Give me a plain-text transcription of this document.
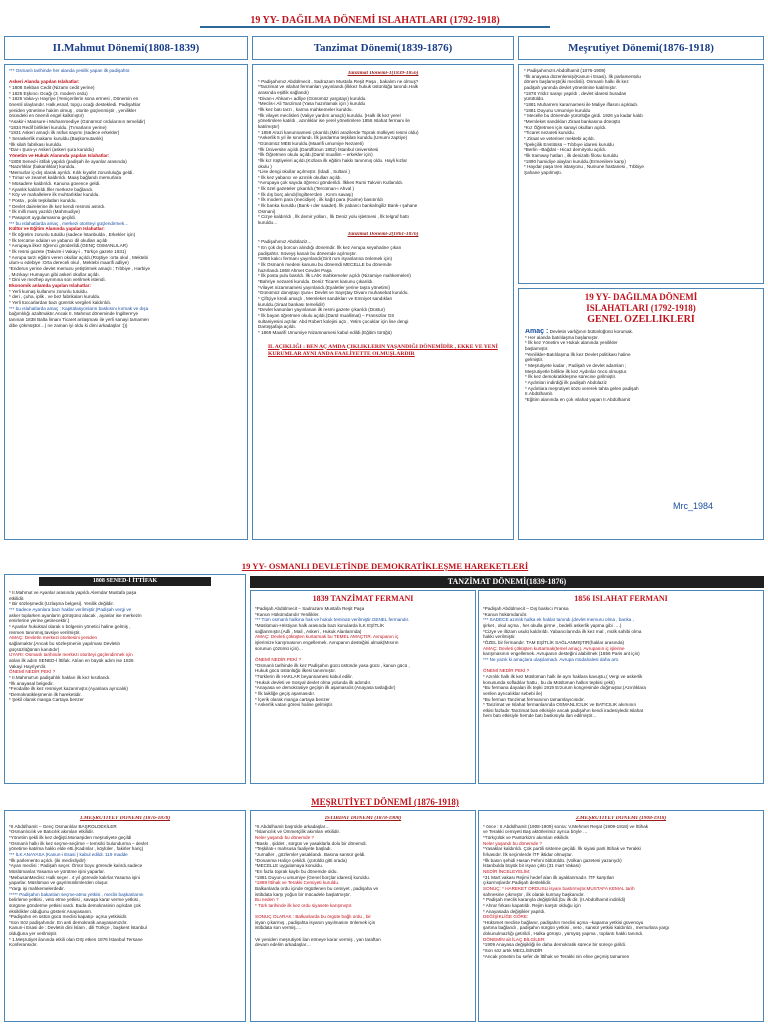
19 YY- DAĞILMA DÖNEMİ ISLAHATLARI (1792-1918)
II.Mahmut Dönemi(1808-1839)	Tanzimat Dönemi(1839-1876)	Meşrutiyet Dönemi(1876-1918)

*** Osmanlı tarihinde her alanda yenilik yapan ilk padişahtır.

Askeri Alanda yapılan Islahatlar:

* 1808 Sekban Cedit (Nizamı cedit yerine)

* 1825 Eşkıncı Ocağı (3. modern ordu)

* 1826 Vaka-yı Hayriye (Yeniçerilerin sona ermesi , Dönemin en

önemli olaylarıdır. Halk,esnaf, topçu ocağı destekledi. Padişahlar

yeniden yönetime hakim olmuş , otorite güçlenmiştir , yenilikler

önündeki en önemli engel kalkmıştır)

*Asakir-i Mansure-i Muhammediye (Günümüz ordularının temelidir)

*1834 Redif birlikleri kuruldu. (Tımarların yerine)

*1831 Askeri amaçlı ilk nüfus sayımı (sadece erkekler)

* Seraskerlik makamı kuruldu.(Başkomutanlık)

*İlk silah fabrikası kuruldu.

*Dar-ı Şura-yı Askeri (askeri şura kuruldu)

Yönetim ve Hukuk Alanında yapılan Islahatlar:

*1808 Sened-i ittifak yapıldı (padişah ile ayanlar arasında)

*Nazırlıklar (bakanlıklar) kuruldu.

*Memurlar iç-dış olarak ayrıldı. Kılık kıyafet zorunluluğu geldi.

* Tımar ve zeamet kaldırıldı. Maaş bağlandı memurlara

* Müsadere kaldırıldı. Kanuna güvence geldi.

* Ayanlık kaldırıldı.İller merkeze bağlandı.

* Köy ve mahallelere ilk muhtarlıklar kuruldu.

* Posta , polis teşkilatları kuruldu.

* Devlet dairelerine ilk kez kendi resmini astırdı.

* İlk milli marş yazıldı (Mahmudiye)

* Pasaport uygulamasına geçildi.

*** bu ıslahatlarda amaç , merkezi otoriteyi güçlendirmek…

Kültür ve Eğitim Alanında yapılan Islahatlar:

* İlk öğretim zorunlu tutuldu (sadece İstanbulda , Erkekler için)

* İlk tercüme odaları ve yabancı dil okulları açıldı

* Avrupaya ilkez öğrenci gönderildi.(GENÇ OSMANLILAR)

* İlk resmi gazete (Takvim-i Vakay-i , Türkçe gazete 1831)

* Avrupa tarzı eğitim veren okullar açıldı.(Rüştiye :orta okul , Mektebi

ulum-u edebiye :Orta dereceli okul , Mektebi maarifi adliye)

*Enderun yerine devlet memuru yetiştirmek amaçlı ; Tıbbiye , Harbiye

, Mızıkayı Humayun gibi askeri okullar açıldı.

* Dini ve mezhep ayrımına son verilmek istendi.

Ekonomik anlamda yapılan Islahatlar:

* Yerli kumaş kullanımı zorunlu tutuldu.

* deri , çuha, iplik , ve bez fabrikaları kuruldu.

* Yerli tüccarlardan bazı gümrük vergileri kaldırıldı.

*** bu ıslahatlarda amaç : Kapitülasyonların baskısını kırmak ve dışa

bağımlılığı azaltmaktır.Ancak II. Mahmut döneminde İngiltere'ye

tanınan 1838 Balta limanı Ticaret anlaşması ile yerli sanayi tamamen

dibe çökmüştür…( ne zaman iyi oldu ki dimi arkadaşlar :)))

Tanzimat Dönemi-1(1839-1856)

* Padişahımız Abdülmecit , Sadrazam Mustafa Reşit Paşa , bakalım ne olmuş?

*Tanzimat ve ıslahat fermanları yayınlandı.(ilkkez hukuk üstünlüğü tanındı.Halk

arasında eşitlik sağlandı)

*Divan-ı Ahkam-ı adliye (Günümüz yargıtayı) kuruldu.

*Meclis-i Ali Tanzimat (Yasa hazırlamak için ) kuruldu

*İlk kez batı tarzı , karma mahkemeler kuruldu.

*İlk vilayet meclisleri (Valiye yardım amaçlı) kuruldu. (Halk ilk kez yerel

yönetimlere katıldı , azınlıklar ise yerel yönetimlere 1856 Islahat fermanı ile

katılmıştır)

* 1858 Arazi kanunnamesi çıkarıldı.(Miri arazilerde Toprak mülkiyeti resmi oldu)

*Askerlik 5 yıl ile sınırlandı. İlk jandarma teşkilatı kuruldu.(Umumi zaptiye)

*Günümüz MEB kuruldu.(Maarifi umumiye Nezareti)

*İlk Üniversite açıldı.(Darülfünun 1852) İstanbul üniversitesi

*İlk Öğretmen okulu açıldı.(Darül muallim – erkekler için)

*İlk kız rüştiyeleri açıldı.(Kızlara ilk eğitim hakkı tanınmış oldu. Hayli kızlar

okulu )

*Lise dengi okullar açılmıştır. (İdadi , Sultani )

* İlk kez yabancı ve azınlık okulları açıldı.

*Avrupaya çok sayıda öğrenci gönderildi. İlkkes Rumi Takvim Kullanıldı.

* İlk özel gazeteler çıkarıldı.(Tercüman-ı Ahval )

* İlk dış borç alındı(İngiltere'den , Kırım savaşı)

* İlk modern para (mecidiye) , ilk kağıt para (Kaime) basıtırıldı

* İlk banka kuruldu (Bank-ı der saadet). İlk yabancı bankaİngiliz Bank-ı şahane

Osmani)

* Cizye kaldırıldı , İlk demir yolları , İlk Deniz yolu işletmesi , İlk telgraf hattı

kuruldu…

Tanzimat Dönemi-2(1861-1876)

* Padişahımız Abdülaziz…

* En çok dış borcun alındığı dönemdir. İlk kez Avrupa seyahatine çıkan

padişahtır. Süveyş kanalı bu dönemde açılmıştır.

*1866 kalıcı fermanı yayınlandı(Girit rum isyanlarına önlemek için)

* İlk Osmanlı medeni kanunu bu dönemdi MECELLE bu dönemde

hazırlandı.1868 Ahmet Cevdet Paşa

* İlk posta pulu basıldı. İlk LAİK mahkemeler açıldı (Nizamiye mahkemeleri)

*Bahriye nezareti kuruldu. Deniz Ticaret kanunu çıkarıldı.

*Vilayet nizamnamesi yayınlandı.(Eyaletler yerine taşra yönetimi)

*Günümüz danıştayı Şura-ı Devlet ve Sayıştay Divanı muhasebat kuruldu.

* Çiftçiye kredi amaçlı , Memleket sandıkları ve Emniyet sandıkları

kuruldu.(ziraat bankası temelidir)

*Devlet kanunları yayınlanan ilk resmi gazete çıkarıldı (Düstur)

* İlk bayan öğretmen okulu açıldı.(Darül muallimat) – Fransızlar GS

sultaniyesini açtılar. Abd Robert kolejini açtı , Yetim çocuklar için lise dengi

Darüşşafaja açıldı.

* 1869 Maarifi Umumiye Nizamnamesi kabul edildi.(Eğitim türüğü)

IL AÇIKLIĞI : BEN AÇ AMDA ÇIKLIKLERIN YAŞANDIĞI DÖNEMİDİR , EKKE VE YENİ KURUMLAR AYNI ANDA FAALİYETTE OLMUŞLARDIR

* PadişahımızII.Abdülhamit (1876-1909)

*İlk anayasa düzenlemişi(Kanun-i Esasi). İlk parlamentolu

dönem başlamıştı(iki meclisli). Osmanlı halkı ilk kez

padişah yanında devlet yönetimine katılmıştır.

*1878 Yıldız sarayı yapıldı , devlet idaresi buradan

yürütüldü.

*1881 Muharrem kararnamesi ile Maliye iflasını açıkladı.

*1881 Duyunu Umumiye kuruldu

* Mecelle bu dönemde yürürlüğe girdi. 1926 ya kadar kaldı

*Memleket sandıkları Ziraat bankasına dönüştü

*Kız Öğretmen için sanayi okulları açıldı.

*Ticaret nezareti kuruldu.

* Ziraat ve veteriner mektebi açıldı.

*İpekçilik Enstitüsü – Tıbbıye idaresi kuruldu

*Berlin –Bağdat - Hicaz demiryolu açıldı.

*İlk tramway hatları , ilk denizaltı filosu kuruldu

*1890 hamidiye alayları kuruldu.(Ermenilere karşı)

* Haydar paşa tren istasyonu , Numune hastanesi , Tıbbiye

Şahane yapılmıştı.

19 YY- DAĞILMA DÖNEMİ
ISLAHATLARI (1792-1918)
GENEL ÖZELLİKLERİ

Amaç : Devletin varlığının bütünlüğünü korumak.

* Her alanda batılılaşma başlamıştır.

* İlk kez Yönetim ve Hukuk alanında yenilikler

başlamıştır.

*Yenilikler-Batılılaşma İlk kez Devlet politikası haline

gelmiştir.

* Meşrutiyete kadar , Padişah ve devlet adamları ;

Meşrutiyetle birlikte ilk kez Aydınlar öncü olmuştur.

* İlk kez demokratikleşme sürecine girilmiştir.

* Aydınları indirdiği ilk padişah Abdülaziz

* Aydınlara meşrutiyet sözü vererek tahta gelen padişah

II.Abdülhamit.

*Eğitim alanında en çok ıslahat yapan II.Abdülhamit

Mrc_1984
19 YY- OSMANLI DEVLETİNDE DEMOKRATİKLEŞME HAREKETLERİ
1808 SENED-İ İTTİFAK

* II.Mahmut ve Ayanlar arasında yapıldı.Alemdar Mustafa paşa

etkilidir.

* Bir sözleşmedir.(Uzlaşma belgesi). Yenilik değildir.

*** Sadece Ayanlara bazı haklar verilmiştir.(Padişah vergi ve

asker toplarken ayanların görüşünü alacak , ayanlar ise merkezin

emirlerine yerine getirecektir.)

* Ayanlar hukuksal olarak o bölgenin yönetici haline gelmiş ,

resmen tanınmış,tavsiye verilmiştir.

AMAÇ: Devletin merkezi otoritesini yeniden

sağlamaktır.(Ancak bu sözleşmenin yapılması Devletin

güçsüzlüğünün kanıtıdır)

UYARI: Osmanlı tarihinde merkezi otoriteyi güçlendirmek için

atılan ilk adım SENED-İ İttifak. Atılan en büyük adım ise 1826

Vakayi Hayriye'dir.

ÖNEMİ NEDİR PEKİ ?

* II.Mahmut'un padişahlık hakları ilk kez kısıtlandı.

*İlk anayasal belgedir.

*Feodalite ilk kez resmiyet kazanmıştır.(Ayanlara ayrıcalık)

*Demokratikleşmenin ilk hareketidir.

* Şekil olarak manga Cartaya benzer

TANZİMAT DÖNEMİ(1839-1876)
1839 TANZİMAT FERMANI

*Padişah Abdülmecit – Sadrazam Mustafa Reşit Paşa

*Kanun Hükümdarıdır Yenilikler.

*** Tüm osmanlı halkına hak ve hukuk teminatı verilmiştir.GENEL fermandır.

*Müslüman-Hristiyan halk arasında bazı konularda İLK EŞİTLİK

sağlanmıştır.(Adli , Mali , Askeri , Hukuk Alanlarında)

AMAÇ: Devleti çöküşten kurtarmak bu TEMEL AMAÇTIR. Avrupanın iç

işlerimize karışmasının engellemek. Avrupanın desteğini almak(Mısırın

sorunun çözümü için)…

ÖNEMİ NEDİR PEKİ ?

*Osmanlı tarihinde ilk kez Padişahın gücü üstünde yasa gücü , kanun gücü ,

Hukuk gücü üstünlüğü ilkesi tanınmıştır.

*Türklerin ilk HAKLAR beyannamesi kabul edilir.

*Hukuk devleti ve Sosyal devlet olma yolunda ilk adımdır.

*Anayasa ve demokrasiye geçişin ilk aşamasıdır.(Anayasa taslağıdır)

* İlk laikliğe geçiş aşamasıdır.

* İçerik olarak manga cartaya benzer

* Askerlik vatan görevi haline gelmiştir.

1856 ISLAHAT FERMANI

*Padişah Abdülmecit – Dış baskıcı Fransa

*Kanun hükümdarıdır.

*** SADECE azınlık halka ek haklar tanındı.(devlet memuru olma , banka ,

şirket , okul açma , her okulla girme , bedelli askerlik yapma gibi ….)

*Cizye ve iltizam usulü kaldırıldı. Yabancılarında ilk kez mal , mülk sahibi olma

hakkı verilmiştir.

*ÖZEL bir fermandır. TAM EŞİTLİK SAĞLANMIŞTIR(haklar arasında)

AMAÇ: Devleti çöküşten kurtarmak(temel amaç). Avrupanın iç işlerine

karışmasının engellemek. Avrupanın desteğini alabilmek (1856 Paris ant için)

*** Ne yazık ki amaçlara ulaşılamadı. Avrupa müdahalesi daha artı.

ÖNEMİ NEDİR PEKİ ?

* Azınlık halk ilk kez Müslüman halk ile aynı haklara kavuştu.( Vergi ve askerlik

konusunda sofladılar hattu , bu da Müslüman halkın tepkisi çekti)

*Bu fermana dayalan ilk tepki 1919 Erzurum kongresinde doğmuştur.(Azınlıklara

verilen ayrıcalıklar sebebi ile)

*Bu ferman Tanzimat fermanının tamamlayıcısıdır.

* Tanzimat ve Islahat fermanlarında OSMANLICILIK ve BATICILIK akımının

etkisi fazladır.Tanzimat batı etkisiyle ancak padişahın kendi iradesiyledir.Islahat

hem batı etkisiyle hemde batı baskısıyla ilan edilmiştir…

MEŞRUTİYET DÖNEMİ (1876-1918)
1.MEŞRUTİYET DÖNEMİ (1876-1878)

*II.Abdülhamit – Genç Osmanlılar BAŞROLDEKİLER

*Osmanlıcılık ve Batıcılık akımları etkilidir.

*Yönetim şekli ilk kez değişti.Monarşiden meşrutiyete geçildi

*Osmanlı halkı ilk kez seçme-seçilme – temsilci bulundurma – devlet

yönetime katılma hakkı elde etti.(Kadınlar , köylüler , fakirler hariç)

*** İLK ANAYASA (Kanun-i Esasi ) kabul edildi. 119 madde

*İlk parlemento açıldı. (iki meclisliydir)

*Ayan meclisi : Padişah seçer. Ömür boyu görevde kalırdı.sadece

Müslümanlar.Yasama ve yürütme işini yaparlar.

*MebusanMeclisi: Halk seçer . 4 yıl görevde kalırlar.Yasama işini

yaparlar. Müslüman ve gayrimüslimlerden oluşur.

*Yargı işi mahkemelerdedir.

***** Padişahın bakanları seçme-atma yetkisi , meclis başkanlarını

belirleme yetkisi , veto etme yetkisi , savaşa karar verme yetkisi ,

sürgüne gönderme yetkisi vardı. Buda demokrasinin açıkdan çok

eksiklikler olduğunu gösterir.Anayasanın.

*Padişahın en üstün gücü meclisi kapatıp- açma yetkisidir.

*Son Söz padişahındır. En anti demokratik anayasamızdır.

Kanun-i Esasi de : Devletin dini İslam , dili Türkçe , başkent İstanbul

olduğuna yer verilmiştir.

* 1.Meşrutiyet ilanında etkili olan DIŞ etken 1876 İstanbul Tersane

Konferansıdır.

İSTİBDAT DÖNEMİ (1878-1908)

*II.Abdülhamit başrolde arkadaşlar…

*İslamcılık ve Ümmetçilik akımları etkilidir.

Neler yaşandı bu dönemde ?

*Baskı , şiddet , sürgün ve yasaklarla dolu bir dönemdi.

*Teşkilatı-ı mahsusa faaliyete başladı.

*Jurnaller , gözlemler yasaklandı. Basına sansür geldi.

*Donanma Haliçe çekildi. (çürüldü gitti orada)

*MECELLE uygulamaya konuldu.

*En fazla toprak kaybı bu dönemde oldu.

*1881 Duyun-u umumiye (Genel borçlar idaresi) kuruldu.

*1889 İttihak ve Terakki Cemiyeti kuruldu.

Balkanlarda ordu içinde örgütlenen bu cemiyet , padişaha ve

istibdata karşı yoğun bir mücadele başlatmıştır.

Bu neden ?

* Türk tarihinde ilk kez ordu siyasete karışmıştır.

SONUÇ OLARAK : Balkanlarda bu örgüte bağlı ordu , bir

isyan çıkarmış , padişahta isyanın yayılmasını önlemek için

istibdata son vermiş….

Ve yeniden meşrutiyeti ilan etmeye karar vermiş , yan taraftan

devam edelim arkadaşlar…

2.MEŞRUTİYET DÖNEMİ (1908-1918)

* önce : II.Abdülhamit (1908-1909) sonra: V.Mehmet Reşat (1909-1918) ve İttihak

ve Terakki cemiyeti Baş aktörlerimiz ayrıca böyle …

*Türkçülük ve Pantürkizm akımları etkilidir.

Neler yaşandı bu dönemde ?

*Yasaklar kaldırıldı. Çok partili sisteme geçildi. İlk siyasi parti İttihak ve Terakki

fırkasıdır. İlk seçimlerde İTF iktidar olmuştur.

*İlk basın şehidi Hasan Fehmi öldürüldü. (Volkan gazetesi yazarıydı)

İstanbulda büyük bir isyan çıktı (31 mart Vakası)

NEDİR İNCELEYELİM:

*31 Mart vakası Rejimi hedef alan ilk ayaklanmadır. İTF karşıtları

çıkarmışlardır.Padişah desteklidir.

SONUÇ: * HAREKET ORDUSU isyanı bastırmıştır.MUSTAFA KEMAL tarih

sahnesine çıkmıştır , ilk olarak kurmay başkanıdır.

* Padişah meclis kararıyla değiştirildi.(bu ilk dir. (II.Abdülhamit indirildi)

* Ahrar fırkası kapatıldı. Rejim karşıtı olduğu için

* Anayasada değişikler yapıldı.

DEĞİŞİKLİĞE GÖRE:

*Hükümet meclise bağlanır, padişahın meclisi açma –kapama yetkisi güvenoyu

şartına bağlandı , padişahın sürgün yetkisi , veto , sansür yetkisi kaldırıldı , memurlara yargı

dokunulmazlığı getirildi , Halka görüşü , yürüyüş yapma , toplantı hakkı tanındı.

DÖNEMİN ait İLAÇ BİLGİLER:

*1909 Anayasa değişikliği ile daha demokratik sürece bir süreçe girildi.

*Son söz artık MECLİSİNDİR

*Ancak yönetim bu sefer de İttihak ve Terakki nin eline geçmiş tamamen
